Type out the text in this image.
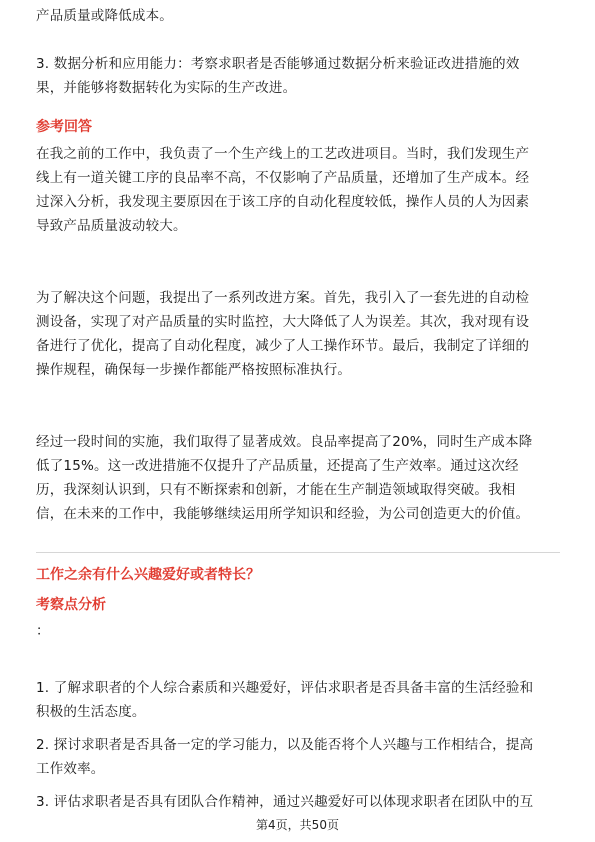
产品质量或降低成本。
3. 数据分析和应用能力：考察求职者是否能够通过数据分析来验证改进措施的效
果，并能够将数据转化为实际的生产改进。
参考回答
在我之前的工作中，我负责了一个生产线上的工艺改进项目。当时，我们发现生产
线上有一道关键工序的良品率不高，不仅影响了产品质量，还增加了生产成本。经
过深入分析，我发现主要原因在于该工序的自动化程度较低，操作人员的人为因素
导致产品质量波动较大。
为了解决这个问题，我提出了一系列改进方案。首先，我引入了一套先进的自动检
测设备，实现了对产品质量的实时监控，大大降低了人为误差。其次，我对现有设
备进行了优化，提高了自动化程度，减少了人工操作环节。最后，我制定了详细的
操作规程，确保每一步操作都能严格按照标准执行。
经过一段时间的实施，我们取得了显著成效。良品率提高了20%，同时生产成本降
低了15%。这一改进措施不仅提升了产品质量，还提高了生产效率。通过这次经
历，我深刻认识到，只有不断探索和创新，才能在生产制造领域取得突破。我相
信，在未来的工作中，我能够继续运用所学知识和经验，为公司创造更大的价值。
工作之余有什么兴趣爱好或者特长？
考察点分析
：
1. 了解求职者的个人综合素质和兴趣爱好，评估求职者是否具备丰富的生活经验和
积极的生活态度。
2. 探讨求职者是否具备一定的学习能力，以及能否将个人兴趣与工作相结合，提高
工作效率。
3. 评估求职者是否具有团队合作精神，通过兴趣爱好可以体现求职者在团队中的互
第4页，共50页
